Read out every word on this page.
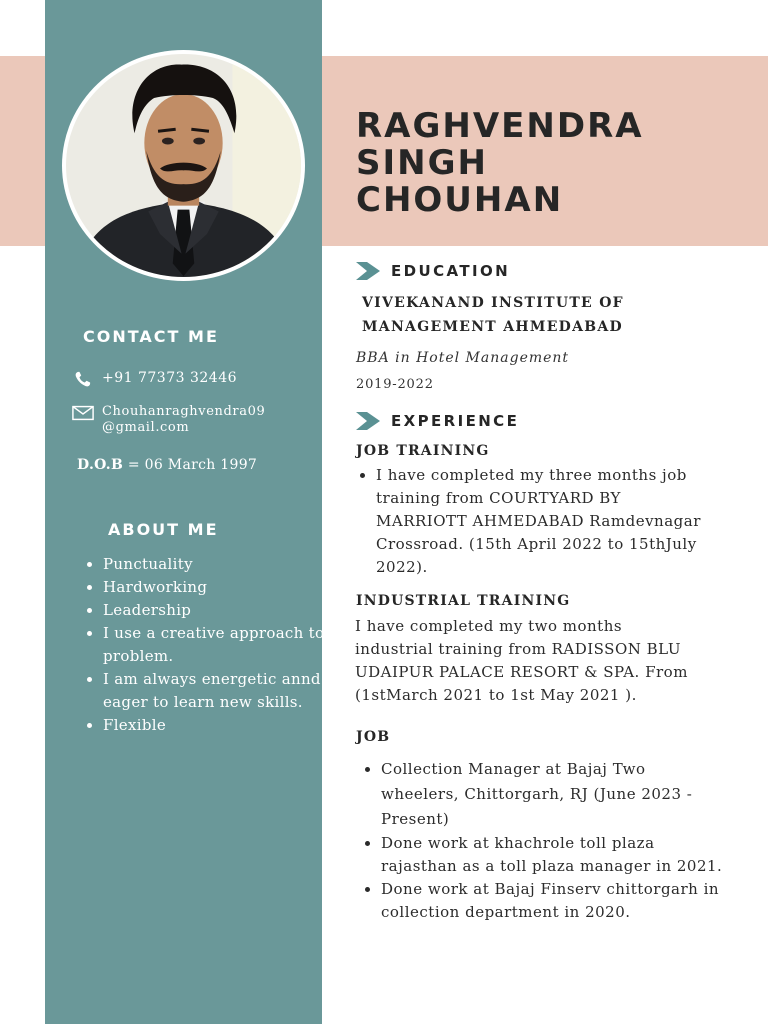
RAGHVENDRA
SINGH
CHOUHAN
CONTACT ME
+91 77373 32446
Chouhanraghvendra09
@gmail.com
D.O.B = 06 March 1997
ABOUT ME
• Punctuality
• Hardworking
• Leadership
• I use a creative approach to problem.
• I am always energetic annd eager to learn new skills.
• Flexible
EDUCATION
VIVEKANAND INSTITUTE OF
MANAGEMENT AHMEDABAD
BBA in Hotel Management
2019-2022
EXPERIENCE
JOB TRAINING
• I have completed my three months job training from COURTYARD BY MARRIOTT AHMEDABAD Ramdevnagar Crossroad. (15th April 2022 to 15thJuly 2022).
INDUSTRIAL TRAINING
I have completed my two months industrial training from RADISSON BLU UDAIPUR PALACE RESORT & SPA. From (1stMarch 2021 to 1st May 2021 ).
JOB
• Collection Manager at Bajaj Two wheelers, Chittorgarh, RJ (June 2023 - Present)
• Done work at khachrole toll plaza rajasthan as a toll plaza manager in 2021.
• Done work at Bajaj Finserv chittorgarh in collection department in 2020.
